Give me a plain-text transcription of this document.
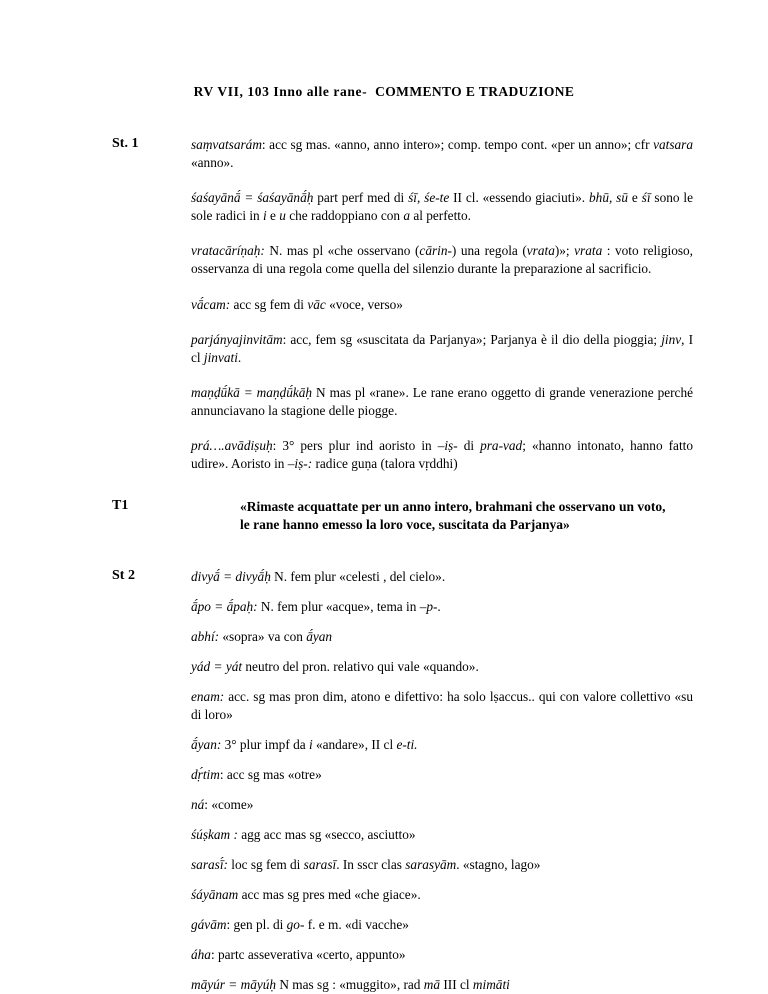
RV VII, 103 Inno alle rane- COMMENTO E TRADUZIONE
St. 1	saṃvatsarám: acc sg mas. «anno, anno intero»; comp. tempo cont. «per un anno»; cfr vatsara «anno».
śaśayānā́ = śaśayānā́ḥ part perf med di śī, śe-te II cl. «essendo giaciuti». bhū, sū e śī sono le sole radici in i e u che raddoppiano con a al perfetto.
vratacāríṇaḥ: N. mas pl «che osservano (cārin-) una regola (vrata)»; vrata : voto religioso, osservanza di una regola come quella del silenzio durante la preparazione al sacrificio.
vā́cam: acc sg fem di vāc «voce, verso»
parjányajinvitām: acc, fem sg «suscitata da Parjanya»; Parjanya è il dio della pioggia; jinv, I cl jinvati.
maṇḍū́kā = maṇḍū́kāḥ N mas pl «rane». Le rane erano oggetto di grande venerazione perché annunciavano la stagione delle piogge.
prá….avādiṣuḥ: 3° pers plur ind aoristo in –iṣ- di pra-vad; «hanno intonato, hanno fatto udire». Aoristo in –iṣ-: radice guṇa (talora vṛddhi)
T1	«Rimaste acquattate per un anno intero, brahmani che osservano un voto,
le rane hanno emesso la loro voce, suscitata da Parjanya»
St 2	divyā́ = divyā́ḥ N. fem plur «celesti , del cielo».
ā́po = ā́paḥ: N. fem plur «acque», tema in –p-.
abhí: «sopra» va con ā́yan
yád = yát neutro del pron. relativo qui vale «quando».
enam: acc. sg mas pron dim, atono e difettivo: ha solo lṣaccus.. qui con valore collettivo «su di loro»
ā́yan: 3° plur impf da i «andare», II cl e-ti.
dṛ́tim: acc sg mas «otre»
ná: «come»
śúṣkam : agg acc mas sg «secco, asciutto»
sarasī́: loc sg fem di sarasī. In sscr clas sarasyām. «stagno, lago»
śáyānam acc mas sg pres med «che giace».
gávām: gen pl. di go- f. e m. «di vacche»
áha: partc asseverativa «certo, appunto»
māyúr = māyúḥ N mas sg : «muggito», rad mā III cl mimāti
